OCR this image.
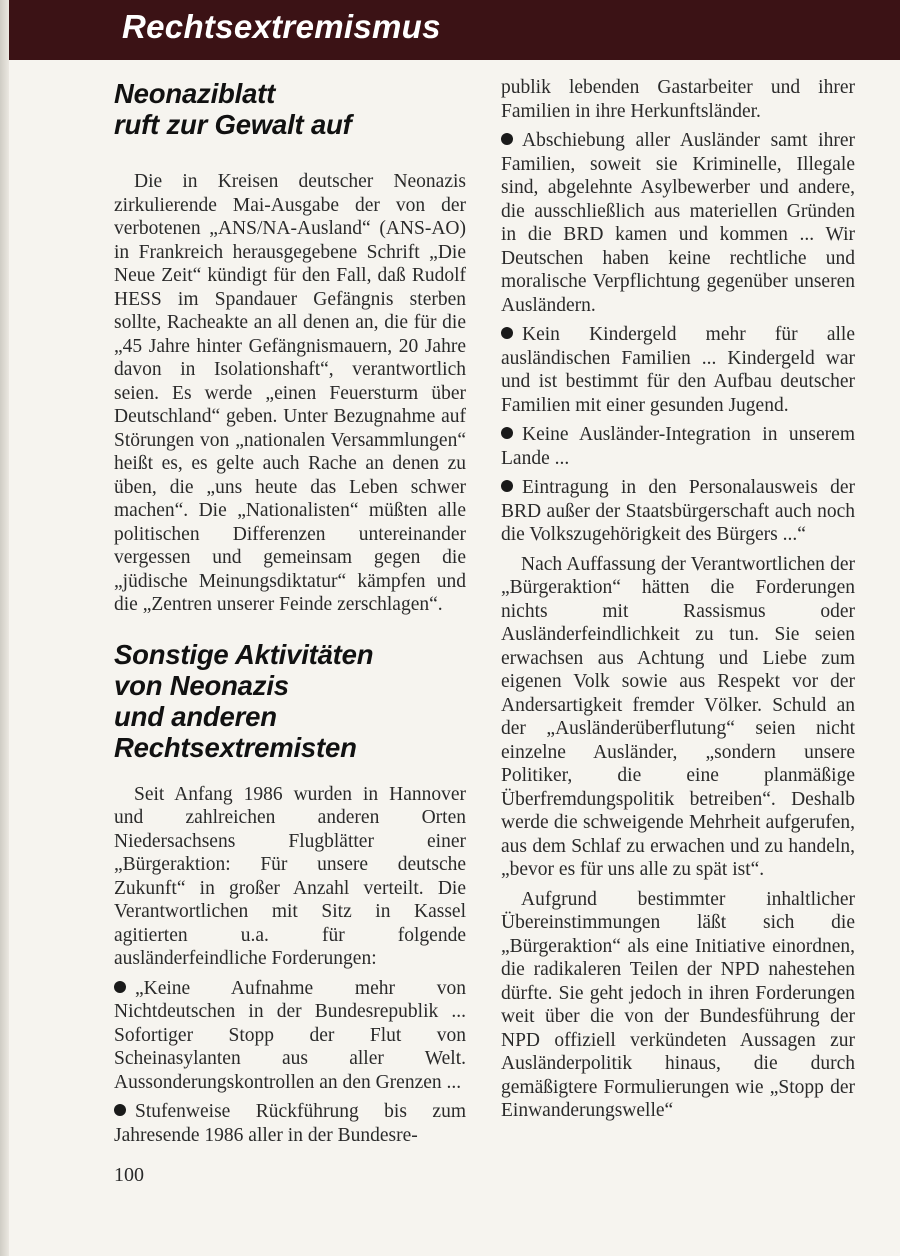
Rechtsextremismus
Neonaziblatt
ruft zur Gewalt auf

Die in Kreisen deutscher Neonazis zirkulierende Mai-Ausgabe der von der verbotenen „ANS/NA-Ausland“ (ANS-AO) in Frankreich herausgegebene Schrift „Die Neue Zeit“ kündigt für den Fall, daß Rudolf HESS im Spandauer Gefängnis sterben sollte, Racheakte an all denen an, die für die „45 Jahre hinter Gefängnismauern, 20 Jahre davon in Isolationshaft“, verantwortlich seien. Es werde „einen Feuersturm über Deutschland“ geben. Unter Bezugnahme auf Störungen von „nationalen Versammlungen“ heißt es, es gelte auch Rache an denen zu üben, die „uns heute das Leben schwer machen“. Die „Nationalisten“ müßten alle politischen Differenzen untereinander vergessen und gemeinsam gegen die „jüdische Meinungsdiktatur“ kämpfen und die „Zentren unserer Feinde zerschlagen“.

Sonstige Aktivitäten
von Neonazis
und anderen
Rechtsextremisten

Seit Anfang 1986 wurden in Hannover und zahlreichen anderen Orten Niedersachsens Flugblätter einer „Bürgeraktion: Für unsere deutsche Zukunft“ in großer Anzahl verteilt. Die Verantwortlichen mit Sitz in Kassel agitierten u.a. für folgende ausländerfeindliche Forderungen:

„Keine Aufnahme mehr von Nichtdeutschen in der Bundesrepublik ... Sofortiger Stopp der Flut von Scheinasylanten aus aller Welt. Aussonderungskontrollen an den Grenzen ...

Stufenweise Rückführung bis zum Jahresende 1986 aller in der Bundesre-

publik lebenden Gastarbeiter und ihrer Familien in ihre Herkunftsländer.

Abschiebung aller Ausländer samt ihrer Familien, soweit sie Kriminelle, Illegale sind, abgelehnte Asylbewerber und andere, die ausschließlich aus materiellen Gründen in die BRD kamen und kommen ... Wir Deutschen haben keine rechtliche und moralische Verpflichtung gegenüber unseren Ausländern.

Kein Kindergeld mehr für alle ausländischen Familien ... Kindergeld war und ist bestimmt für den Aufbau deutscher Familien mit einer gesunden Jugend.

Keine Ausländer-Integration in unserem Lande ...

Eintragung in den Personalausweis der BRD außer der Staatsbürgerschaft auch noch die Volkszugehörigkeit des Bürgers ...“

Nach Auffassung der Verantwortlichen der „Bürgeraktion“ hätten die Forderungen nichts mit Rassismus oder Ausländerfeindlichkeit zu tun. Sie seien erwachsen aus Achtung und Liebe zum eigenen Volk sowie aus Respekt vor der Andersartigkeit fremder Völker. Schuld an der „Ausländerüberflutung“ seien nicht einzelne Ausländer, „sondern unsere Politiker, die eine planmäßige Überfremdungspolitik betreiben“. Deshalb werde die schweigende Mehrheit aufgerufen, aus dem Schlaf zu erwachen und zu handeln, „bevor es für uns alle zu spät ist“.

Aufgrund bestimmter inhaltlicher Übereinstimmungen läßt sich die „Bürgeraktion“ als eine Initiative einordnen, die radikaleren Teilen der NPD nahestehen dürfte. Sie geht jedoch in ihren Forderungen weit über die von der Bundesführung der NPD offiziell verkündeten Aussagen zur Ausländerpolitik hinaus, die durch gemäßigtere Formulierungen wie „Stopp der Einwanderungswelle“

100
